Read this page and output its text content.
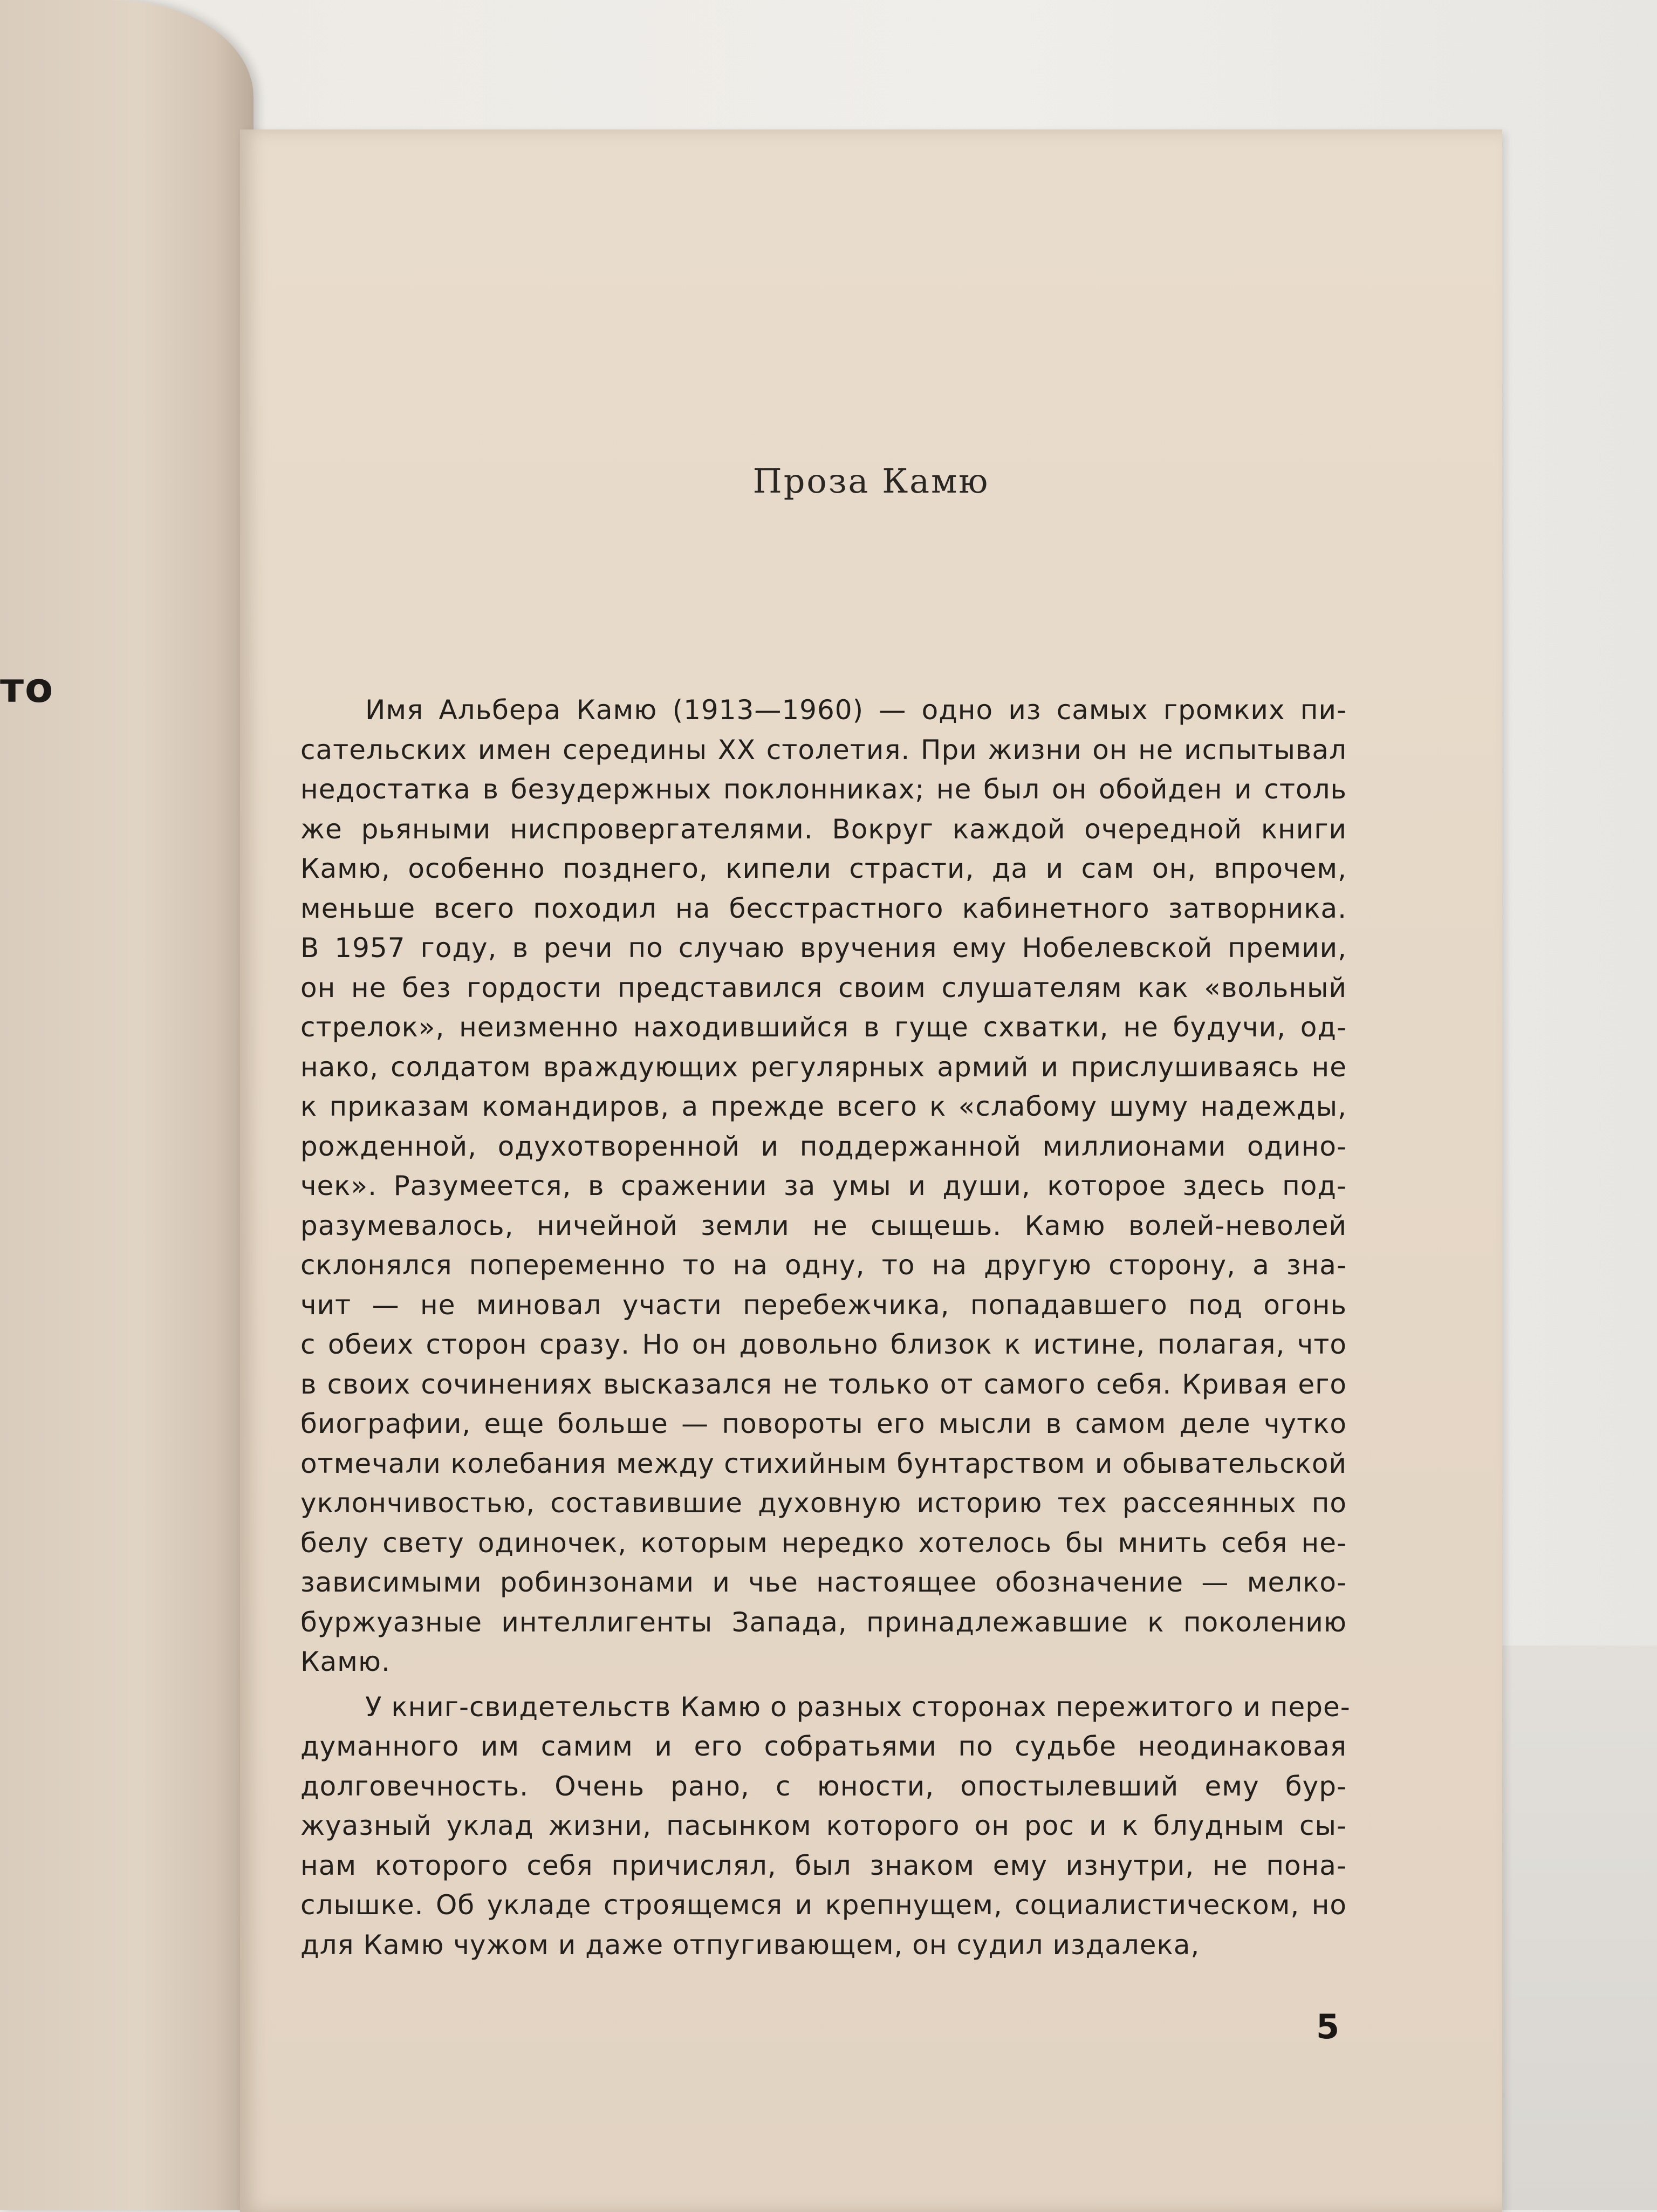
то

Проза Камю
Имя Альбера Камю (1913—1960) — одно из самых громких пи-
сательских имен середины XX столетия. При жизни он не испытывал
недостатка в безудержных поклонниках; не был он обойден и столь
же рьяными ниспровергателями. Вокруг каждой очередной книги
Камю, особенно позднего, кипели страсти, да и сам он, впрочем,
меньше всего походил на бесстрастного кабинетного затворника.
В 1957 году, в речи по случаю вручения ему Нобелевской премии,
он не без гордости представился своим слушателям как «вольный
стрелок», неизменно находившийся в гуще схватки, не будучи, од-
нако, солдатом враждующих регулярных армий и прислушиваясь не
к приказам командиров, а прежде всего к «слабому шуму надежды,
рожденной, одухотворенной и поддержанной миллионами одино-
чек». Разумеется, в сражении за умы и души, которое здесь под-
разумевалось, ничейной земли не сыщешь. Камю волей-неволей
склонялся попеременно то на одну, то на другую сторону, а зна-
чит — не миновал участи перебежчика, попадавшего под огонь
с обеих сторон сразу. Но он довольно близок к истине, полагая, что
в своих сочинениях высказался не только от самого себя. Кривая его
биографии, еще больше — повороты его мысли в самом деле чутко
отмечали колебания между стихийным бунтарством и обывательской
уклончивостью, составившие духовную историю тех рассеянных по
белу свету одиночек, которым нередко хотелось бы мнить себя не-
зависимыми робинзонами и чье настоящее обозначение — мелко-
буржуазные интеллигенты Запада, принадлежавшие к поколению
Камю.
У книг-свидетельств Камю о разных сторонах пережитого и пере-
думанного им самим и его собратьями по судьбе неодинаковая
долговечность. Очень рано, с юности, опостылевший ему бур-
жуазный уклад жизни, пасынком которого он рос и к блудным сы-
нам которого себя причислял, был знаком ему изнутри, не пона-
слышке. Об укладе строящемся и крепнущем, социалистическом, но
для Камю чужом и даже отпугивающем, он судил издалека,

5
